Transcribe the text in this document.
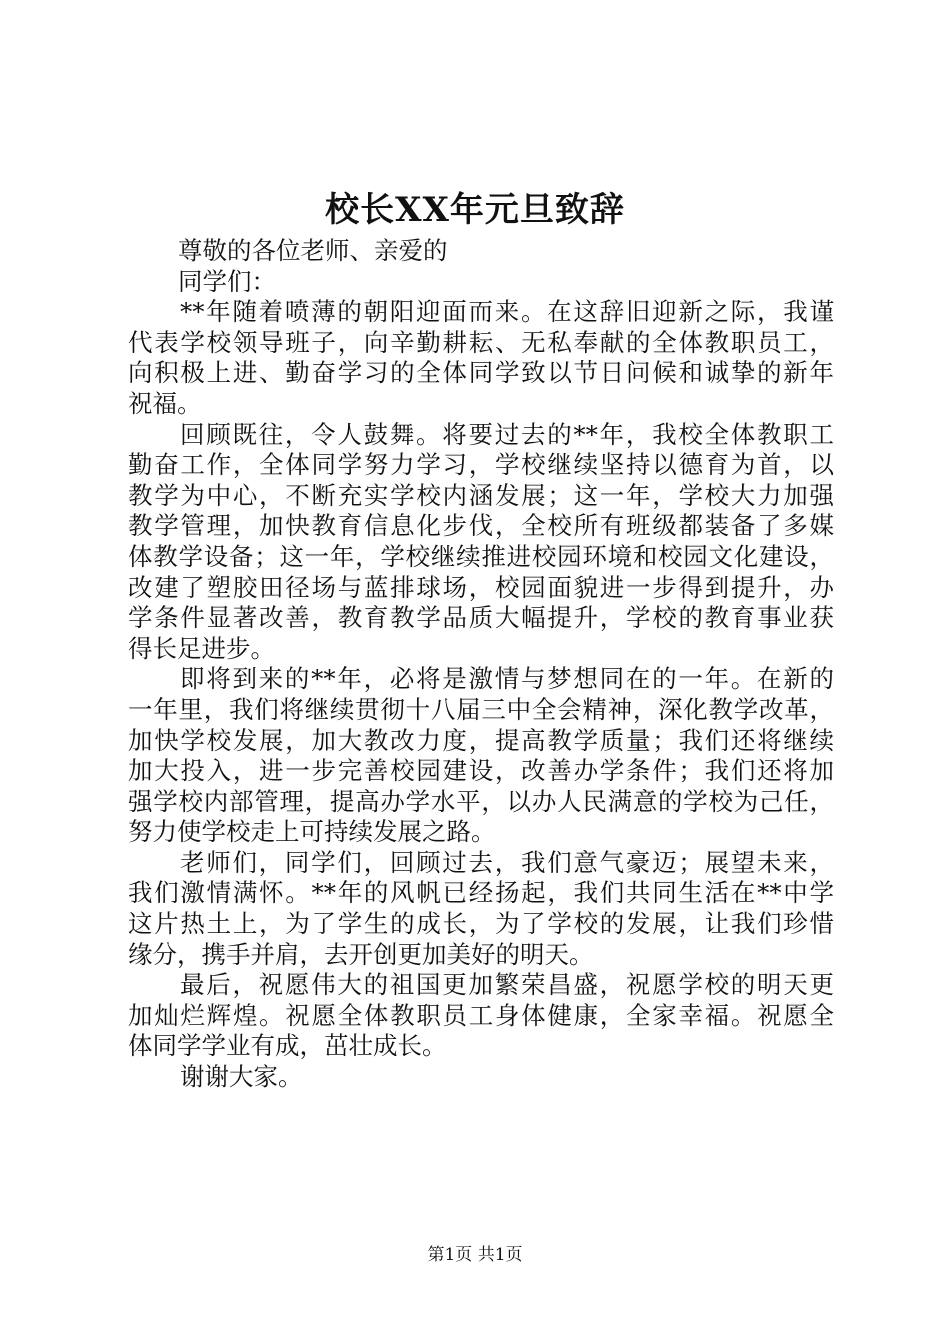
校长XX年元旦致辞
尊敬的各位老师、亲爱的
同学们：
**年随着喷薄的朝阳迎面而来。在这辞旧迎新之际，我谨
代表学校领导班子，向辛勤耕耘、无私奉献的全体教职员工，
向积极上进、勤奋学习的全体同学致以节日问候和诚挚的新年
祝福。
回顾既往，令人鼓舞。将要过去的**年，我校全体教职工
勤奋工作，全体同学努力学习，学校继续坚持以德育为首，以
教学为中心，不断充实学校内涵发展；这一年，学校大力加强
教学管理，加快教育信息化步伐，全校所有班级都装备了多媒
体教学设备；这一年，学校继续推进校园环境和校园文化建设，
改建了塑胶田径场与蓝排球场，校园面貌进一步得到提升，办
学条件显著改善，教育教学品质大幅提升，学校的教育事业获
得长足进步。
即将到来的**年，必将是激情与梦想同在的一年。在新的
一年里，我们将继续贯彻十八届三中全会精神，深化教学改革，
加快学校发展，加大教改力度，提高教学质量；我们还将继续
加大投入，进一步完善校园建设，改善办学条件；我们还将加
强学校内部管理，提高办学水平，以办人民满意的学校为己任，
努力使学校走上可持续发展之路。
老师们，同学们，回顾过去，我们意气豪迈；展望未来，
我们激情满怀。**年的风帆已经扬起，我们共同生活在**中学
这片热土上，为了学生的成长，为了学校的发展，让我们珍惜
缘分，携手并肩，去开创更加美好的明天。
最后，祝愿伟大的祖国更加繁荣昌盛，祝愿学校的明天更
加灿烂辉煌。祝愿全体教职员工身体健康，全家幸福。祝愿全
体同学学业有成，茁壮成长。
谢谢大家。

第1页 共1页
